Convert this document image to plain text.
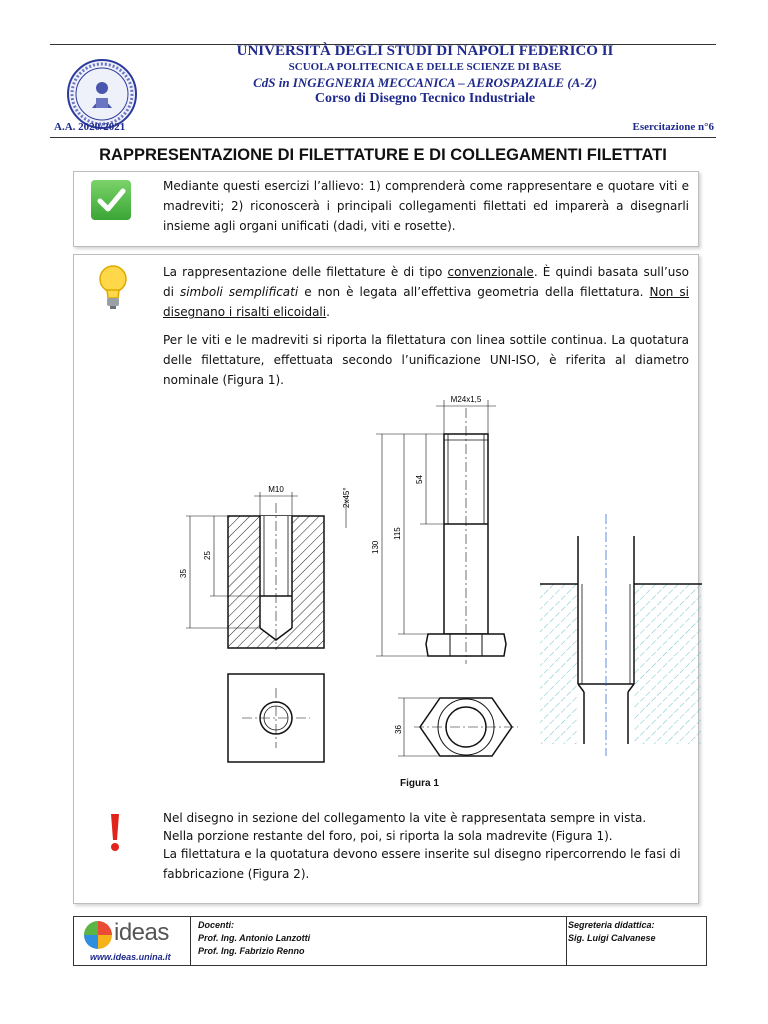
UNIVERSITÀ DEGLI STUDI DI NAPOLI FEDERICO II
SCUOLA POLITECNICA E DELLE SCIENZE DI BASE
CdS in INGEGNERIA MECCANICA – AEROSPAZIALE (A-Z)
Corso di Disegno Tecnico Industriale
A.A. 2020/2021	Esercitazione n°6
RAPPRESENTAZIONE DI FILETTATURE E DI COLLEGAMENTI FILETTATI
Mediante questi esercizi l’allievo: 1) comprenderà come rappresentare e quotare viti e madreviti; 2) riconoscerà i principali collegamenti filettati ed imparerà a disegnarli insieme agli organi unificati (dadi, viti e rosette).
La rappresentazione delle filettature è di tipo convenzionale. È quindi basata sull’uso di simboli semplificati e non è legata all’effettiva geometria della filettatura. Non si disegnano i risalti elicoidali.
Per le viti e le madreviti si riporta la filettatura con linea sottile continua. La quotatura delle filettature, effettuata secondo l’unificazione UNI-ISO, è riferita al diametro nominale (Figura 1).
M10	2x45°
35
25
M24x1,5
130
115
54
36
Figura 1
Nel disegno in sezione del collegamento la vite è rappresentata sempre in vista.
Nella porzione restante del foro, poi, si riporta la sola madrevite (Figura 1).
La filettatura e la quotatura devono essere inserite sul disegno ripercorrendo le fasi di fabbricazione (Figura 2).
ideas
www.ideas.unina.it
Docenti:
Prof. Ing. Antonio Lanzotti
Prof. Ing. Fabrizio Renno
Segreteria didattica:
Sig. Luigi Calvanese
